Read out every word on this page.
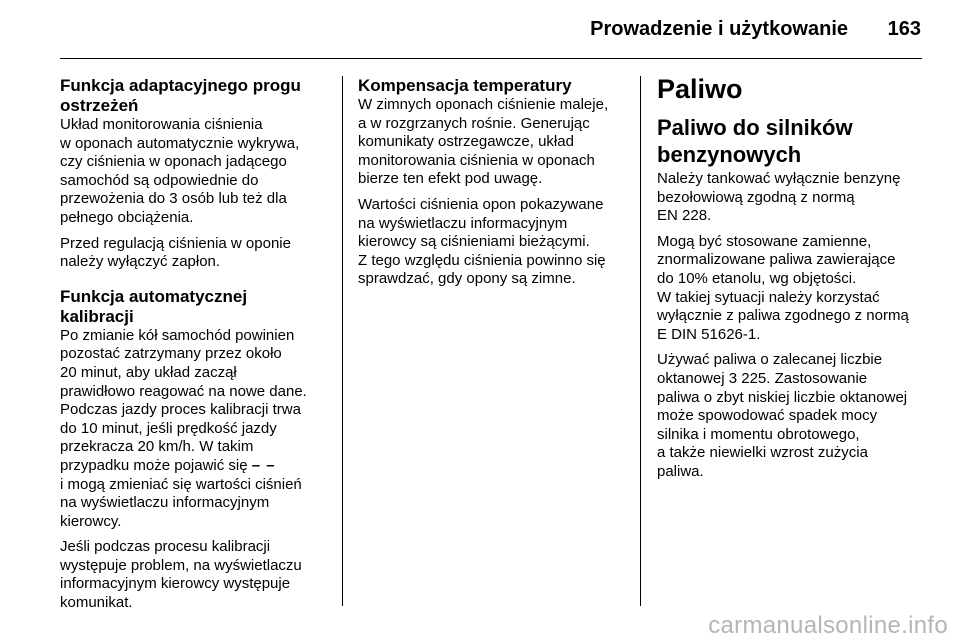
Prowadzenie i użytkowanie 163
Funkcja adaptacyjnego progu
ostrzeżeń

Układ monitorowania ciśnienia
w oponach automatycznie wykrywa,
czy ciśnienia w oponach jadącego
samochód są odpowiednie do
przewożenia do 3 osób lub też dla
pełnego obciążenia.

Przed regulacją ciśnienia w oponie
należy wyłączyć zapłon.

Funkcja automatycznej
kalibracji

Po zmianie kół samochód powinien
pozostać zatrzymany przez około
20 minut, aby układ zaczął
prawidłowo reagować na nowe dane.
Podczas jazdy proces kalibracji trwa
do 10 minut, jeśli prędkość jazdy
przekracza 20 km/h. W takim
przypadku może pojawić się – –
i mogą zmieniać się wartości ciśnień
na wyświetlaczu informacyjnym
kierowcy.

Jeśli podczas procesu kalibracji
występuje problem, na wyświetlaczu
informacyjnym kierowcy występuje
komunikat.

Kompensacja temperatury

W zimnych oponach ciśnienie maleje,
a w rozgrzanych rośnie. Generując
komunikaty ostrzegawcze, układ
monitorowania ciśnienia w oponach
bierze ten efekt pod uwagę.

Wartości ciśnienia opon pokazywane
na wyświetlaczu informacyjnym
kierowcy są ciśnieniami bieżącymi.
Z tego względu ciśnienia powinno się
sprawdzać, gdy opony są zimne.

Paliwo
Paliwo do silników
benzynowych

Należy tankować wyłącznie benzynę
bezołowiową zgodną z normą
EN 228.

Mogą być stosowane zamienne,
znormalizowane paliwa zawierające
do 10% etanolu, wg objętości.
W takiej sytuacji należy korzystać
wyłącznie z paliwa zgodnego z normą
E DIN 51626-1.

Używać paliwa o zalecanej liczbie
oktanowej 3 225. Zastosowanie
paliwa o zbyt niskiej liczbie oktanowej
może spowodować spadek mocy
silnika i momentu obrotowego,
a także niewielki wzrost zużycia
paliwa.

carmanualsonline.info
